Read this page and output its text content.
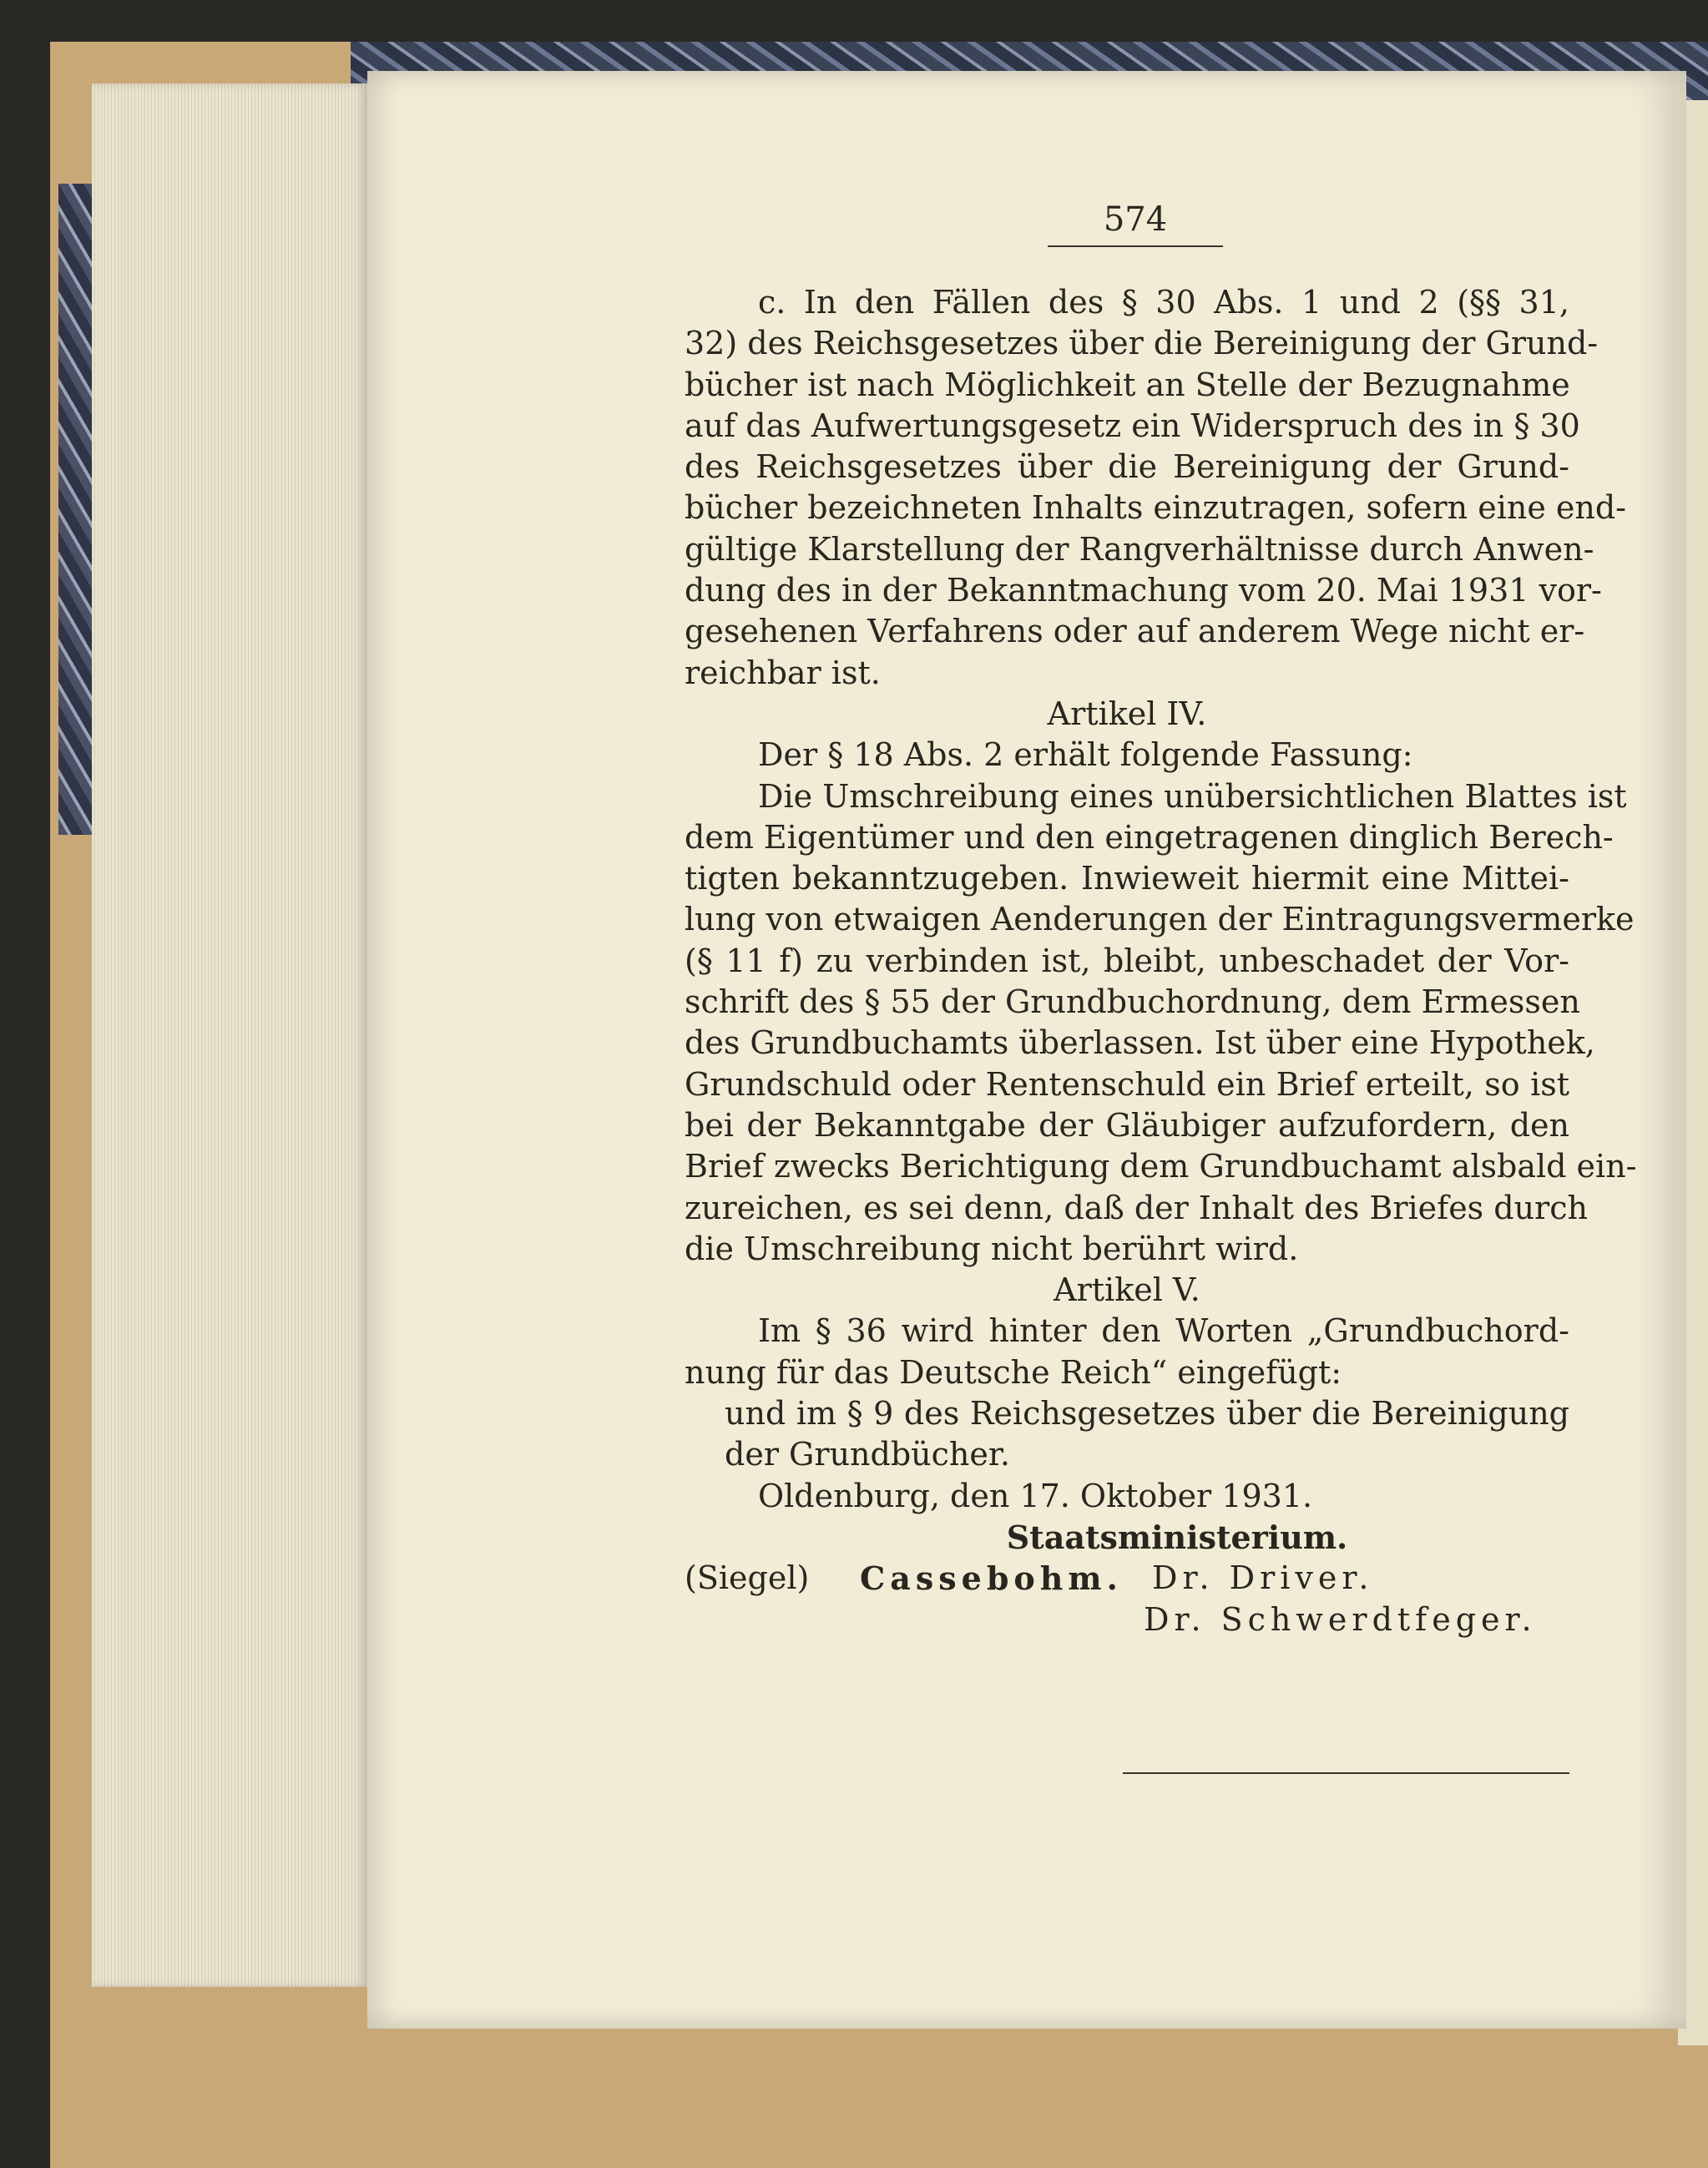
574
c. In den Fällen des § 30 Abs. 1 und 2 (§§ 31,
32) des Reichsgesetzes über die Bereinigung der Grund-
bücher ist nach Möglichkeit an Stelle der Bezugnahme
auf das Aufwertungsgesetz ein Widerspruch des in § 30
des Reichsgesetzes über die Bereinigung der Grund-
bücher bezeichneten Inhalts einzutragen, sofern eine end-
gültige Klarstellung der Rangverhältnisse durch Anwen-
dung des in der Bekanntmachung vom 20. Mai 1931 vor-
gesehenen Verfahrens oder auf anderem Wege nicht er-
reichbar ist.
Artikel IV.
Der § 18 Abs. 2 erhält folgende Fassung:
Die Umschreibung eines unübersichtlichen Blattes ist
dem Eigentümer und den eingetragenen dinglich Berech-
tigten bekanntzugeben. Inwieweit hiermit eine Mittei-
lung von etwaigen Aenderungen der Eintragungsvermerke
(§ 11 f) zu verbinden ist, bleibt, unbeschadet der Vor-
schrift des § 55 der Grundbuchordnung, dem Ermessen
des Grundbuchamts überlassen. Ist über eine Hypothek,
Grundschuld oder Rentenschuld ein Brief erteilt, so ist
bei der Bekanntgabe der Gläubiger aufzufordern, den
Brief zwecks Berichtigung dem Grundbuchamt alsbald ein-
zureichen, es sei denn, daß der Inhalt des Briefes durch
die Umschreibung nicht berührt wird.
Artikel V.
Im § 36 wird hinter den Worten „Grundbuchord-
nung für das Deutsche Reich“ eingefügt:
und im § 9 des Reichsgesetzes über die Bereinigung
der Grundbücher.
Oldenburg, den 17. Oktober 1931.
Staatsministerium.
(Siegel) Cassebohm. Dr. Driver.
Dr. Schwerdtfeger.
